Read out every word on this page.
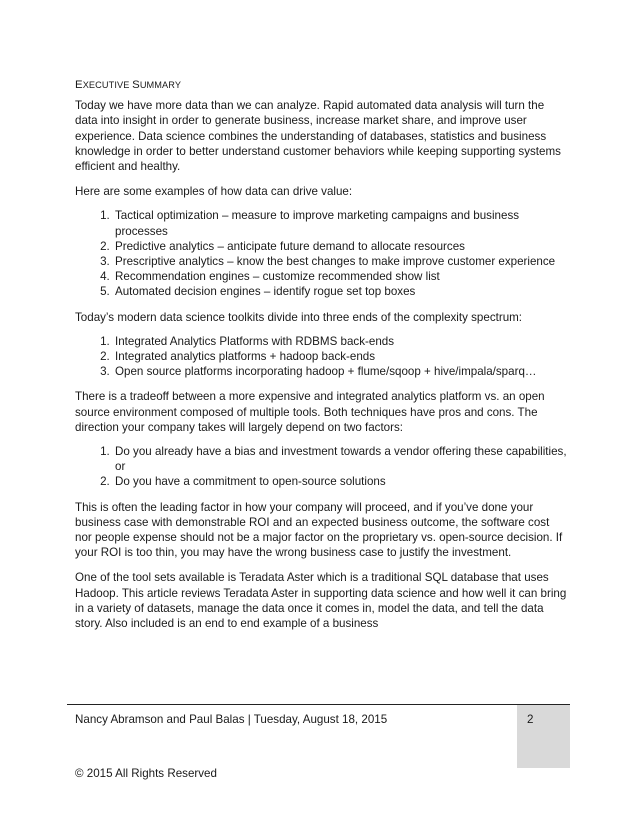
EXECUTIVE SUMMARY

Today we have more data than we can analyze. Rapid automated data analysis will turn the data into insight in order to generate business, increase market share, and improve user experience. Data science combines the understanding of databases, statistics and business knowledge in order to better understand customer behaviors while keeping supporting systems efficient and healthy.

Here are some examples of how data can drive value:

1. Tactical optimization – measure to improve marketing campaigns and business processes
2. Predictive analytics – anticipate future demand to allocate resources
3. Prescriptive analytics – know the best changes to make improve customer experience
4. Recommendation engines – customize recommended show list
5. Automated decision engines – identify rogue set top boxes

Today’s modern data science toolkits divide into three ends of the complexity spectrum:

1. Integrated Analytics Platforms with RDBMS back-ends
2. Integrated analytics platforms + hadoop back-ends
3. Open source platforms incorporating hadoop + flume/sqoop + hive/impala/sparq…

There is a tradeoff between a more expensive and integrated analytics platform vs. an open source environment composed of multiple tools. Both techniques have pros and cons. The direction your company takes will largely depend on two factors:

1. Do you already have a bias and investment towards a vendor offering these capabilities, or
2. Do you have a commitment to open-source solutions

This is often the leading factor in how your company will proceed, and if you’ve done your business case with demonstrable ROI and an expected business outcome, the software cost nor people expense should not be a major factor on the proprietary vs. open-source decision. If your ROI is too thin, you may have the wrong business case to justify the investment.

One of the tool sets available is Teradata Aster which is a traditional SQL database that uses Hadoop. This article reviews Teradata Aster in supporting data science and how well it can bring in a variety of datasets, manage the data once it comes in, model the data, and tell the data story. Also included is an end to end example of a business

Nancy Abramson and Paul Balas | Tuesday, August 18, 2015	2
© 2015 All Rights Reserved
